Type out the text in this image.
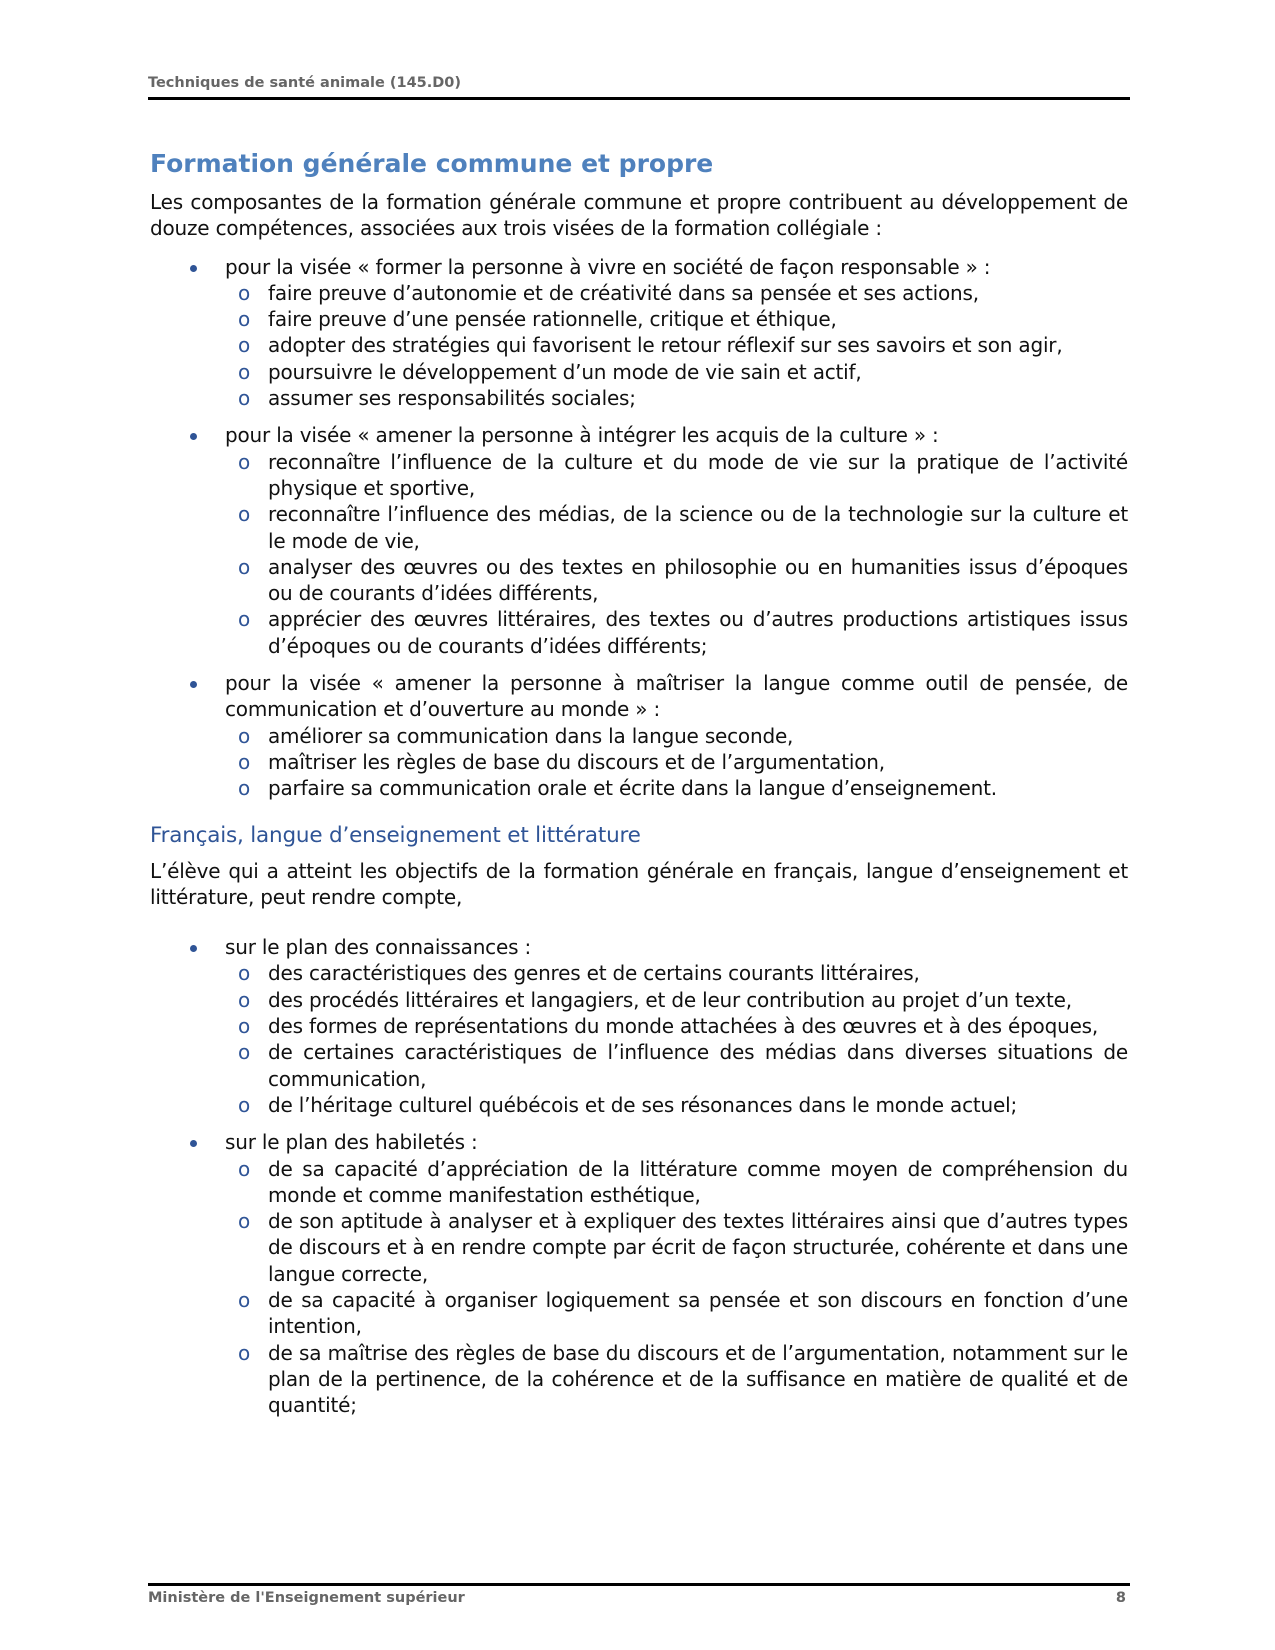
Techniques de santé animale (145.D0)
Formation générale commune et propre

Les composantes de la formation générale commune et propre contribuent au développement de douze compétences, associées aux trois visées de la formation collégiale :

pour la visée « former la personne à vivre en société de façon responsable » :
o faire preuve d’autonomie et de créativité dans sa pensée et ses actions,
o faire preuve d’une pensée rationnelle, critique et éthique,
o adopter des stratégies qui favorisent le retour réflexif sur ses savoirs et son agir,
o poursuivre le développement d’un mode de vie sain et actif,
o assumer ses responsabilités sociales;
pour la visée « amener la personne à intégrer les acquis de la culture » :
o reconnaître l’influence de la culture et du mode de vie sur la pratique de l’activité physique et sportive,
o reconnaître l’influence des médias, de la science ou de la technologie sur la culture et le mode de vie,
o analyser des œuvres ou des textes en philosophie ou en humanities issus d’époques ou de courants d’idées différents,
o apprécier des œuvres littéraires, des textes ou d’autres productions artistiques issus d’époques ou de courants d’idées différents;
pour la visée « amener la personne à maîtriser la langue comme outil de pensée, de communication et d’ouverture au monde » :
o améliorer sa communication dans la langue seconde,
o maîtriser les règles de base du discours et de l’argumentation,
o parfaire sa communication orale et écrite dans la langue d’enseignement.
Français, langue d’enseignement et littérature

L’élève qui a atteint les objectifs de la formation générale en français, langue d’enseignement et littérature, peut rendre compte,

sur le plan des connaissances :
o des caractéristiques des genres et de certains courants littéraires,
o des procédés littéraires et langagiers, et de leur contribution au projet d’un texte,
o des formes de représentations du monde attachées à des œuvres et à des époques,
o de certaines caractéristiques de l’influence des médias dans diverses situations de communication,
o de l’héritage culturel québécois et de ses résonances dans le monde actuel;
sur le plan des habiletés :
o de sa capacité d’appréciation de la littérature comme moyen de compréhension du monde et comme manifestation esthétique,
o de son aptitude à analyser et à expliquer des textes littéraires ainsi que d’autres types de discours et à en rendre compte par écrit de façon structurée, cohérente et dans une langue correcte,
o de sa capacité à organiser logiquement sa pensée et son discours en fonction d’une intention,
o de sa maîtrise des règles de base du discours et de l’argumentation, notamment sur le plan de la pertinence, de la cohérence et de la suffisance en matière de qualité et de quantité;
Ministère de l'Enseignement supérieur	8
